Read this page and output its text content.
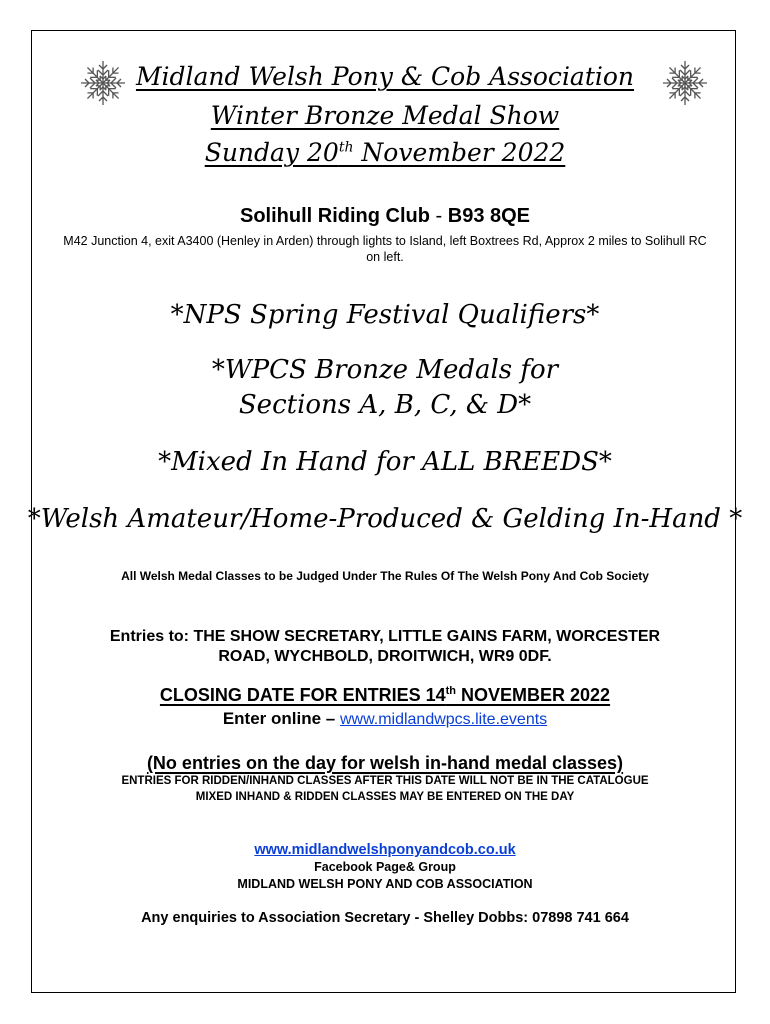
Midland Welsh Pony & Cob Association
Winter Bronze Medal Show
Sunday 20th November 2022
Solihull Riding Club - B93 8QE
M42 Junction 4, exit A3400 (Henley in Arden) through lights to Island, left Boxtrees Rd, Approx 2 miles to Solihull RC on left.
*NPS Spring Festival Qualifiers*
*WPCS Bronze Medals for
Sections A, B, C, & D*
*Mixed In Hand for ALL BREEDS*
*Welsh Amateur/Home-Produced & Gelding In-Hand *
All Welsh Medal Classes to be Judged Under The Rules Of The Welsh Pony And Cob Society
Entries to: THE SHOW SECRETARY, LITTLE GAINS FARM, WORCESTER
ROAD, WYCHBOLD, DROITWICH, WR9 0DF.
CLOSING DATE FOR ENTRIES 14th NOVEMBER 2022
Enter online – www.midlandwpcs.lite.events
(No entries on the day for welsh in-hand medal classes)
ENTRIES FOR RIDDEN/INHAND CLASSES AFTER THIS DATE WILL NOT BE IN THE CATALOGUE
MIXED INHAND & RIDDEN CLASSES MAY BE ENTERED ON THE DAY
www.midlandwelshponyandcob.co.uk
Facebook Page& Group
MIDLAND WELSH PONY AND COB ASSOCIATION
Any enquiries to Association Secretary - Shelley Dobbs: 07898 741 664
